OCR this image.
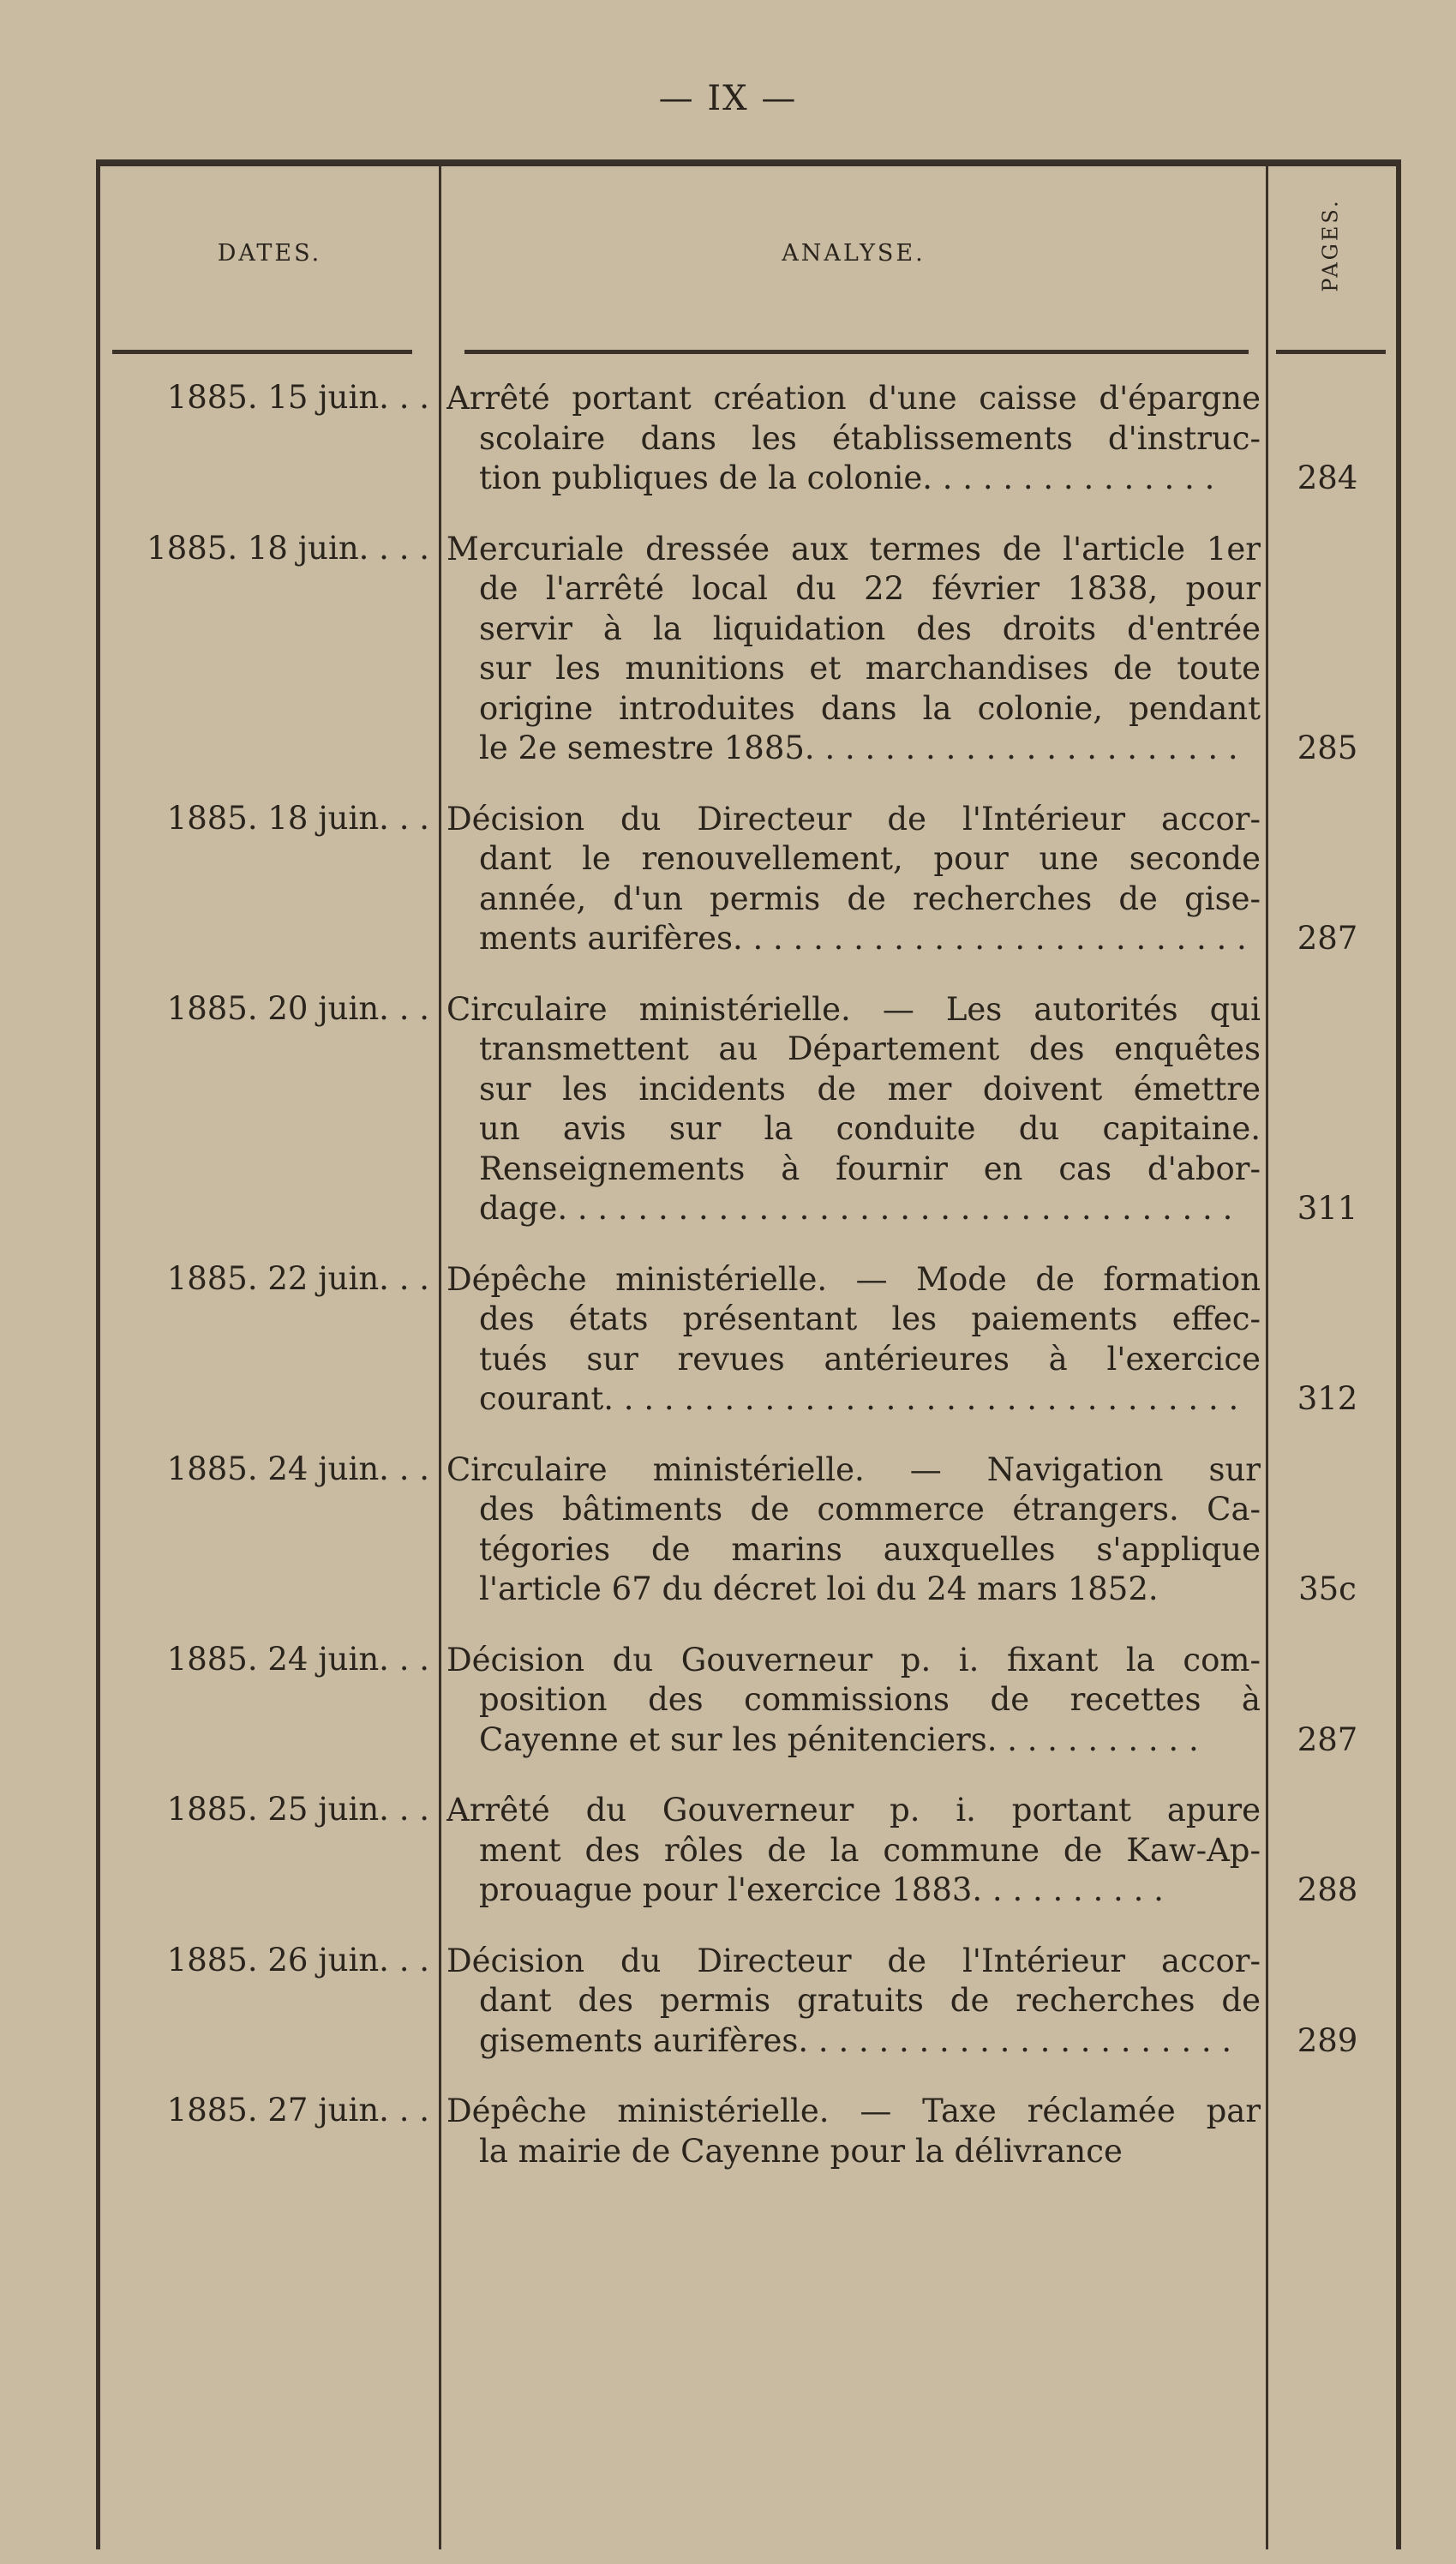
— IX —
DATES.	ANALYSE.	PAGES.
1885. 15 juin. . . Arrêté portant création d'une caisse d'épargne
scolaire dans les établissements d'instruc-
tion publiques de la colonie. . . . . . . . . . . . . . .	284
1885. 18 juin. . . . Mercuriale dressée aux termes de l'article 1er
de l'arrêté local du 22 février 1838, pour
servir à la liquidation des droits d'entrée
sur les munitions et marchandises de toute
origine introduites dans la colonie, pendant
le 2e semestre 1885. . . . . . . . . . . . . . . . . . . . . .	285
1885. 18 juin. . . Décision du Directeur de l'Intérieur accor-
dant le renouvellement, pour une seconde
année, d'un permis de recherches de gise-
ments aurifères. . . . . . . . . . . . . . . . . . . . . . . . . .	287
1885. 20 juin. . . Circulaire ministérielle. — Les autorités qui
transmettent au Département des enquêtes
sur les incidents de mer doivent émettre
un avis sur la conduite du capitaine.
Renseignements à fournir en cas d'abor-
dage. . . . . . . . . . . . . . . . . . . . . . . . . . . . . . . . . .	311
1885. 22 juin. . . Dépêche ministérielle. — Mode de formation
des états présentant les paiements effec-
tués sur revues antérieures à l'exercice
courant. . . . . . . . . . . . . . . . . . . . . . . . . . . . . . . .	312
1885. 24 juin. . . Circulaire ministérielle. — Navigation sur
des bâtiments de commerce étrangers. Ca-
tégories de marins auxquelles s'applique
l'article 67 du décret loi du 24 mars 1852.	35c
1885. 24 juin. . . Décision du Gouverneur p. i. fixant la com-
position des commissions de recettes à
Cayenne et sur les pénitenciers. . . . . . . . . . .	287
1885. 25 juin. . . Arrêté du Gouverneur p. i. portant apure
ment des rôles de la commune de Kaw-Ap-
prouague pour l'exercice 1883. . . . . . . . . .	288
1885. 26 juin. . . Décision du Directeur de l'Intérieur accor-
dant des permis gratuits de recherches de
gisements aurifères. . . . . . . . . . . . . . . . . . . . . .	289
1885. 27 juin. . . Dépêche ministérielle. — Taxe réclamée par
la mairie de Cayenne pour la délivrance
